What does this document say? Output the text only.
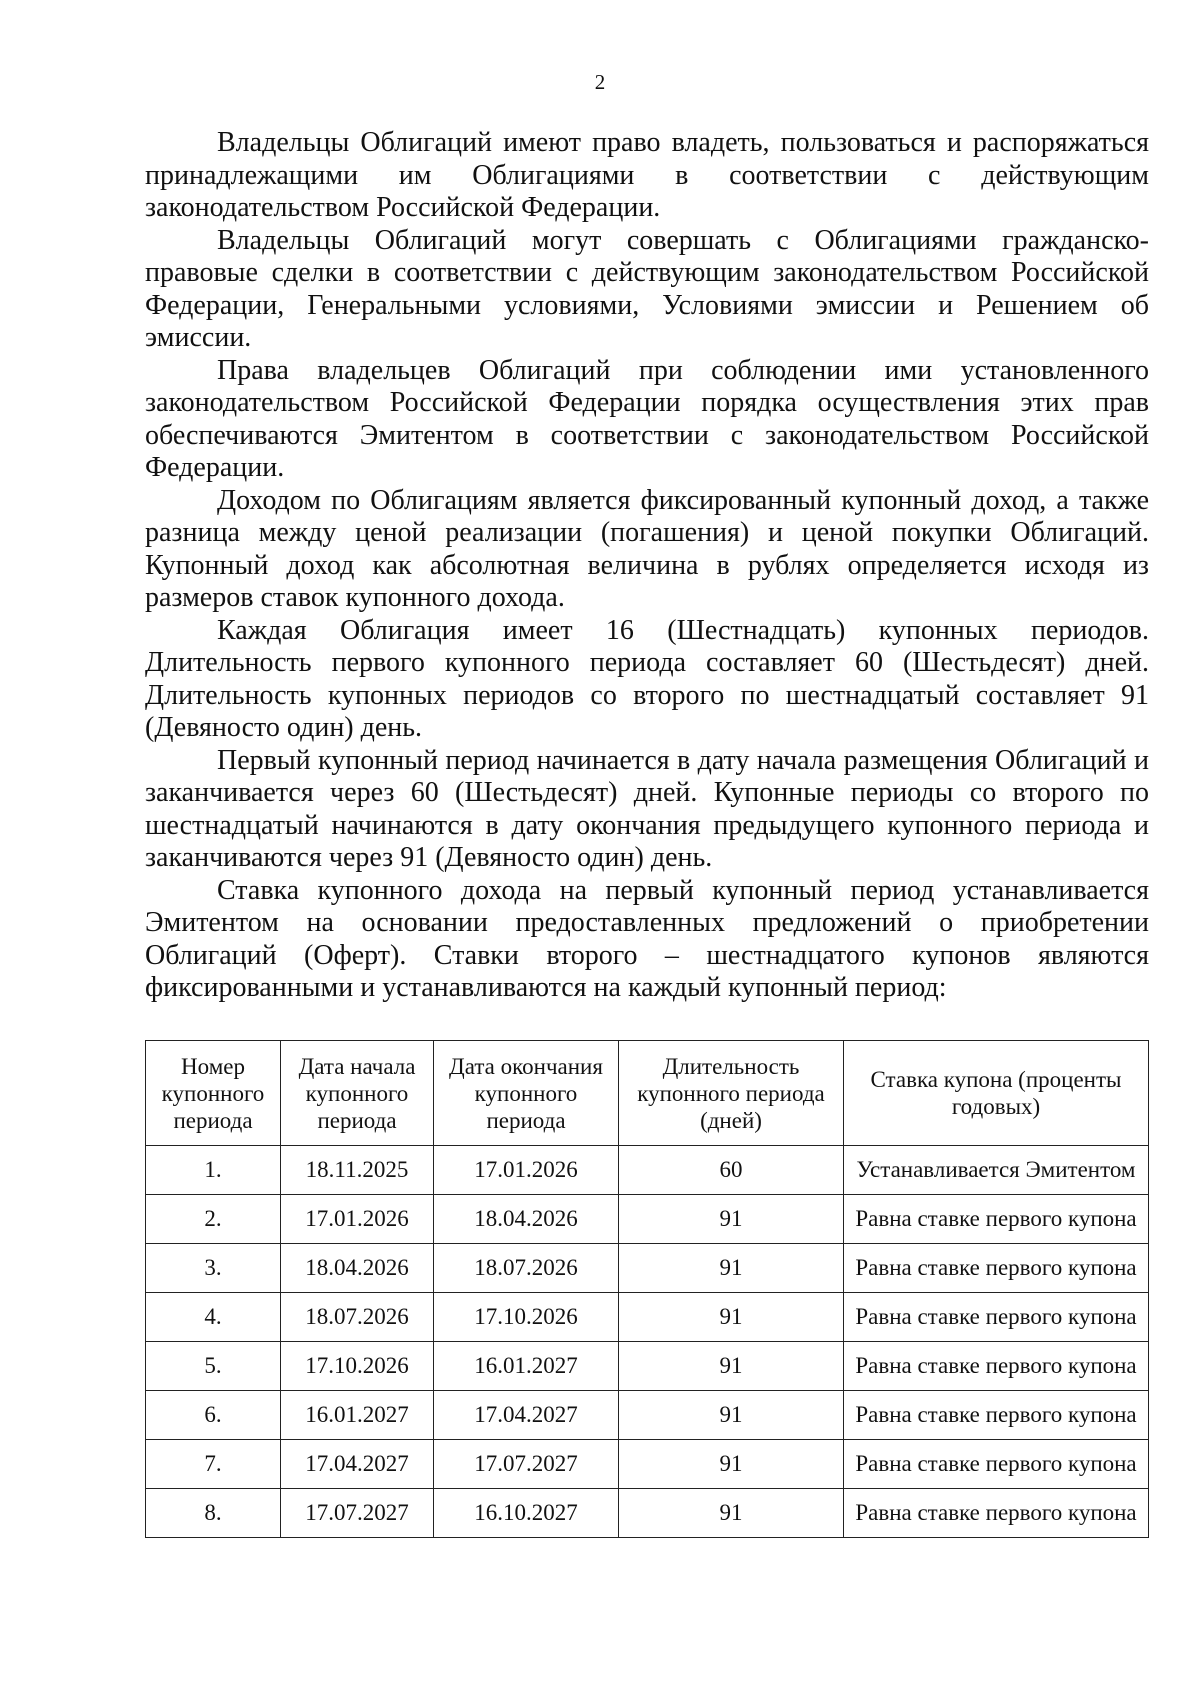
2

Владельцы Облигаций имеют право владеть, пользоваться и распоряжаться принадлежащими им Облигациями в соответствии с действующим законодательством Российской Федерации.

Владельцы Облигаций могут совершать с Облигациями гражданско-правовые сделки в соответствии с действующим законодательством Российской Федерации, Генеральными условиями, Условиями эмиссии и Решением об эмиссии.

Права владельцев Облигаций при соблюдении ими установленного законодательством Российской Федерации порядка осуществления этих прав обеспечиваются Эмитентом в соответствии с законодательством Российской Федерации.

Доходом по Облигациям является фиксированный купонный доход, а также разница между ценой реализации (погашения) и ценой покупки Облигаций. Купонный доход как абсолютная величина в рублях определяется исходя из размеров ставок купонного дохода.

Каждая Облигация имеет 16 (Шестнадцать) купонных периодов. Длительность первого купонного периода составляет 60 (Шестьдесят) дней. Длительность купонных периодов со второго по шестнадцатый составляет 91 (Девяносто один) день.

Первый купонный период начинается в дату начала размещения Облигаций и заканчивается через 60 (Шестьдесят) дней. Купонные периоды со второго по шестнадцатый начинаются в дату окончания предыдущего купонного периода и заканчиваются через 91 (Девяносто один) день.

Ставка купонного дохода на первый купонный период устанавливается Эмитентом на основании предоставленных предложений о приобретении Облигаций (Оферт). Ставки второго – шестнадцатого купонов являются фиксированными и устанавливаются на каждый купонный период:

Номер купонного периода	Дата начала купонного периода	Дата окончания купонного периода	Длительность купонного периода (дней)	Ставка купона (проценты годовых)
1.	18.11.2025	17.01.2026	60	Устанавливается Эмитентом
2.	17.01.2026	18.04.2026	91	Равна ставке первого купона
3.	18.04.2026	18.07.2026	91	Равна ставке первого купона
4.	18.07.2026	17.10.2026	91	Равна ставке первого купона
5.	17.10.2026	16.01.2027	91	Равна ставке первого купона
6.	16.01.2027	17.04.2027	91	Равна ставке первого купона
7.	17.04.2027	17.07.2027	91	Равна ставке первого купона
8.	17.07.2027	16.10.2027	91	Равна ставке первого купона
